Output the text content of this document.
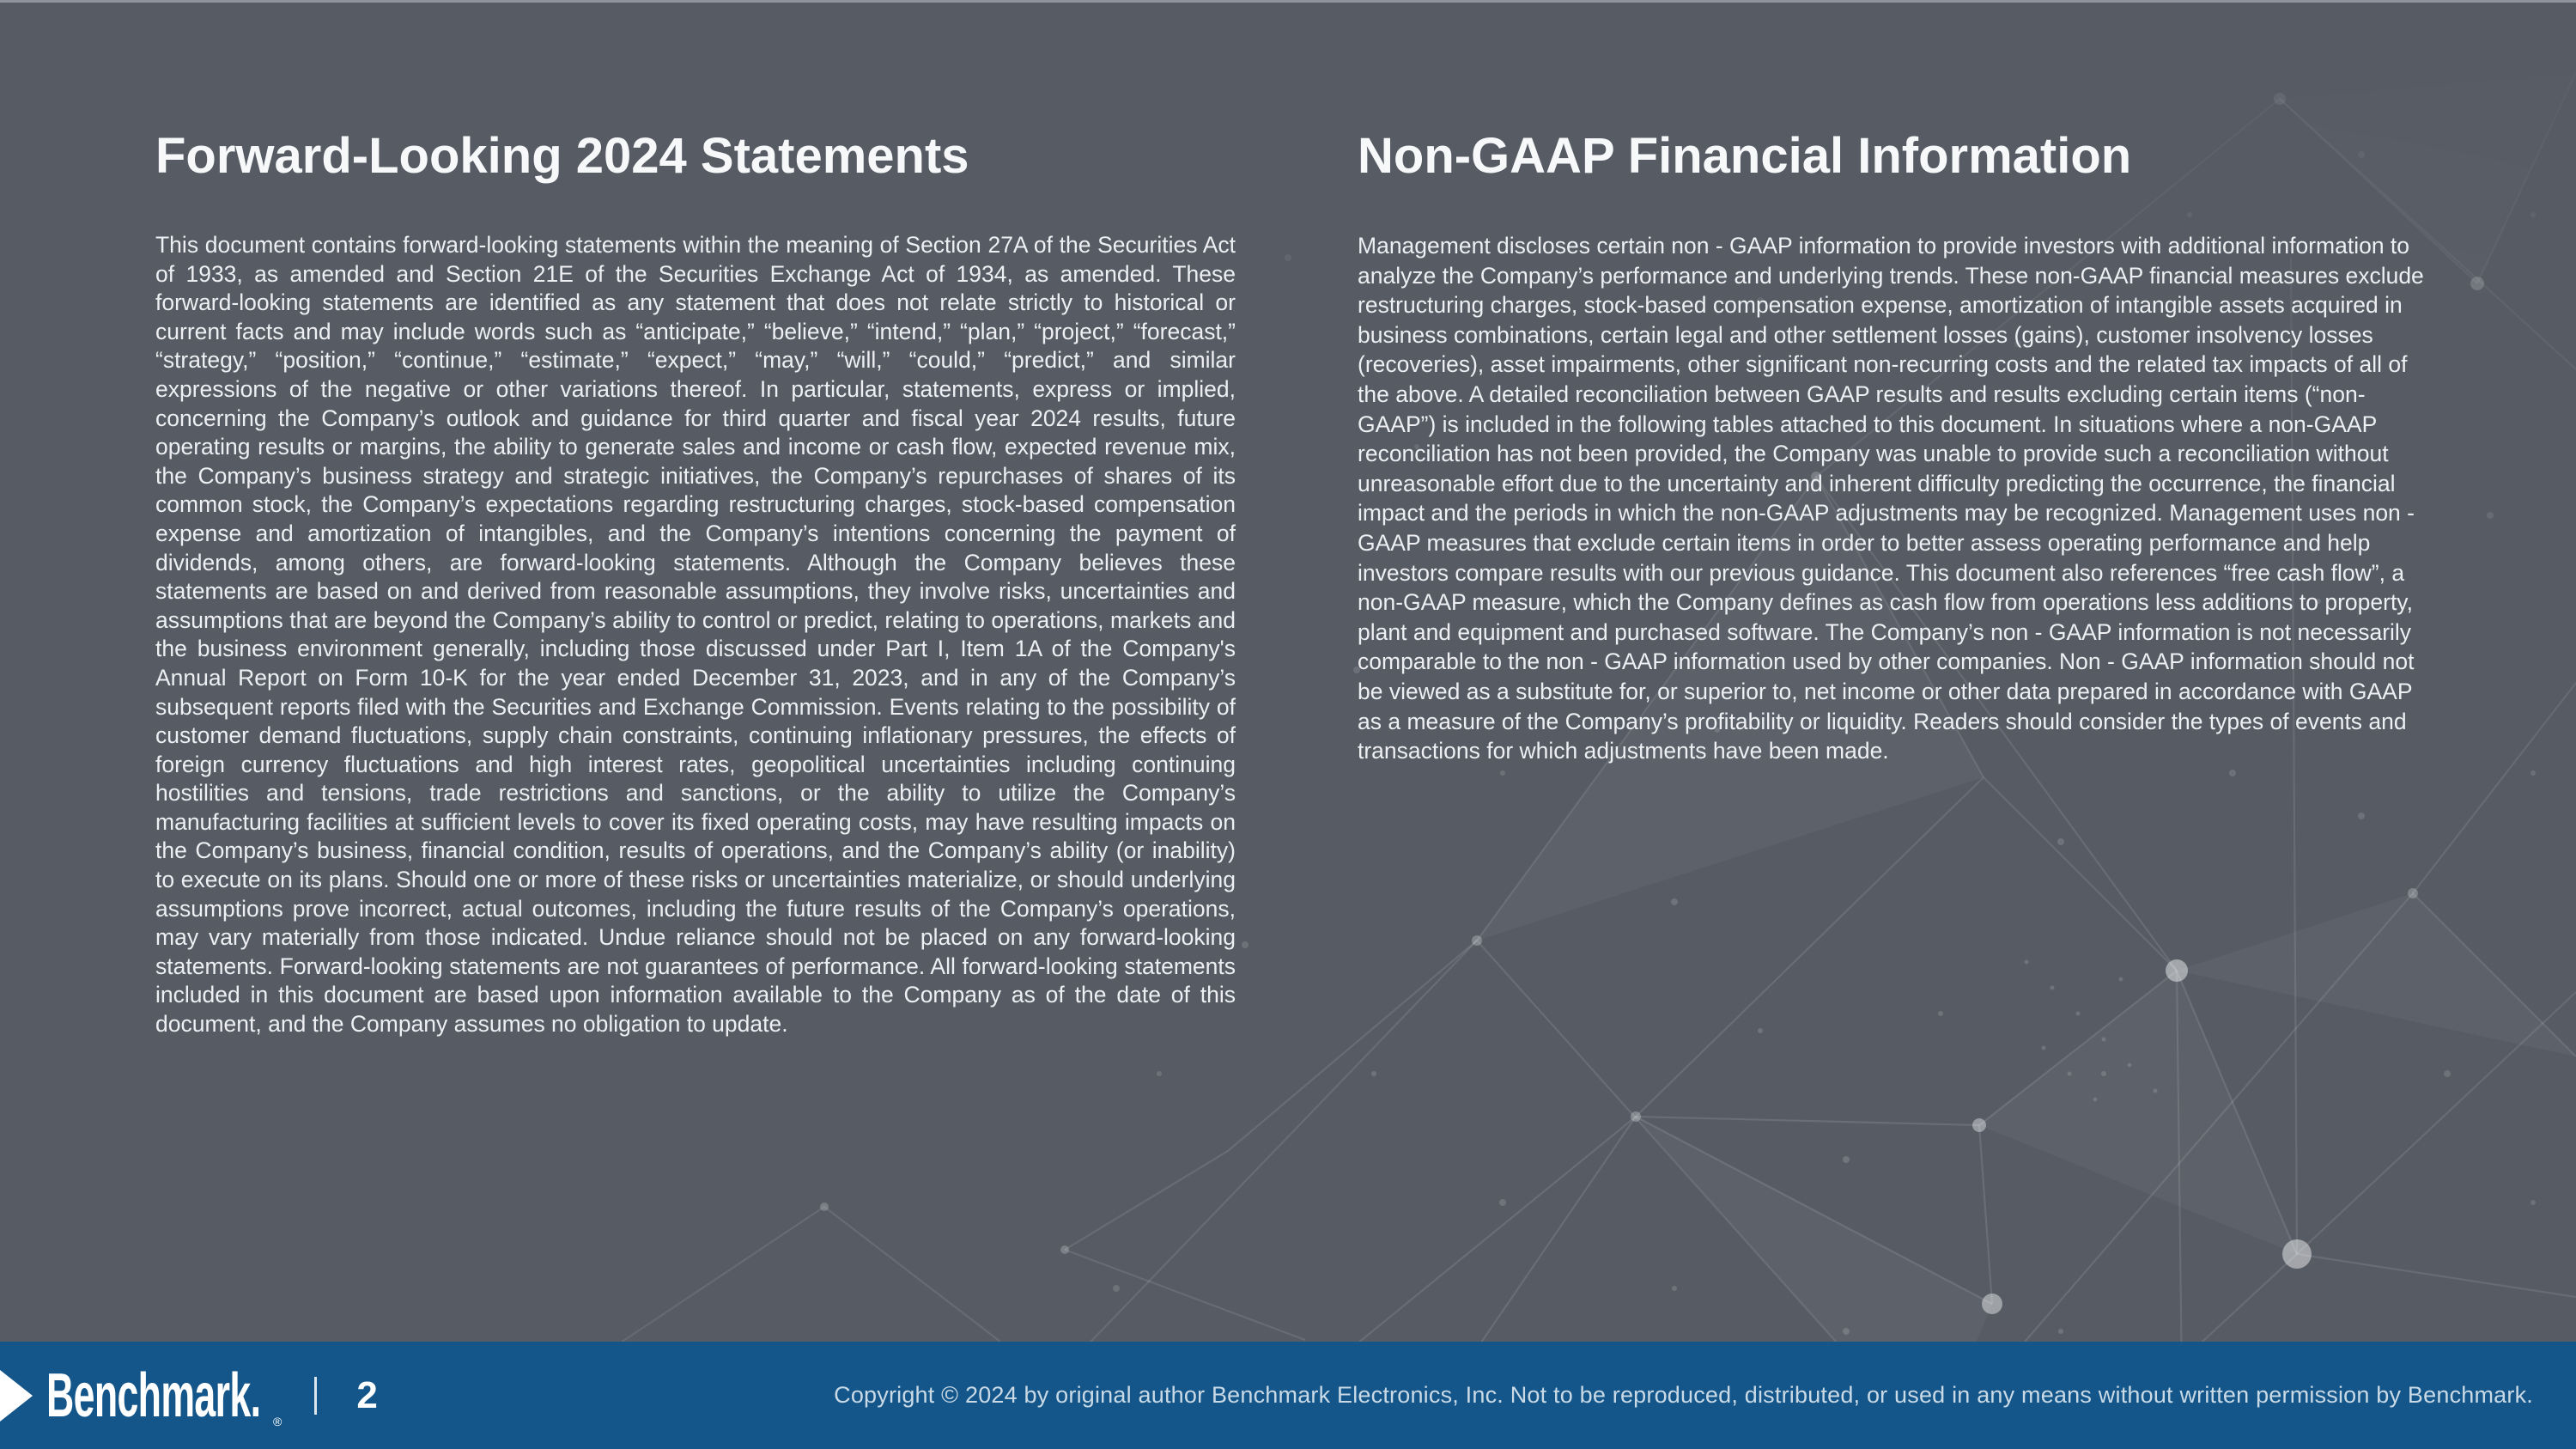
Forward-Looking 2024 Statements

This document contains forward-looking statements within the meaning of Section 27A of the Securities Act of 1933, as amended and Section 21E of the Securities Exchange Act of 1934, as amended. These forward-looking statements are identified as any statement that does not relate strictly to historical or current facts and may include words such as “anticipate,” “believe,” “intend,” “plan,” “project,” “forecast,” “strategy,” “position,” “continue,” “estimate,” “expect,” “may,” “will,” “could,” “predict,” and similar expressions of the negative or other variations thereof. In particular, statements, express or implied, concerning the Company’s outlook and guidance for third quarter and fiscal year 2024 results, future operating results or margins, the ability to generate sales and income or cash flow, expected revenue mix, the Company’s business strategy and strategic initiatives, the Company’s repurchases of shares of its common stock, the Company’s expectations regarding restructuring charges, stock-based compensation expense and amortization of intangibles, and the Company’s intentions concerning the payment of dividends, among others, are forward-looking statements. Although the Company believes these statements are based on and derived from reasonable assumptions, they involve risks, uncertainties and assumptions that are beyond the Company’s ability to control or predict, relating to operations, markets and the business environment generally, including those discussed under Part I, Item 1A of the Company's Annual Report on Form 10-K for the year ended December 31, 2023, and in any of the Company’s subsequent reports filed with the Securities and Exchange Commission. Events relating to the possibility of customer demand fluctuations, supply chain constraints, continuing inflationary pressures, the effects of foreign currency fluctuations and high interest rates, geopolitical uncertainties including continuing hostilities and tensions, trade restrictions and sanctions, or the ability to utilize the Company’s manufacturing facilities at sufficient levels to cover its fixed operating costs, may have resulting impacts on the Company’s business, financial condition, results of operations, and the Company’s ability (or inability) to execute on its plans. Should one or more of these risks or uncertainties materialize, or should underlying assumptions prove incorrect, actual outcomes, including the future results of the Company’s operations, may vary materially from those indicated. Undue reliance should not be placed on any forward-looking statements. Forward-looking statements are not guarantees of performance. All forward-looking statements included in this document are based upon information available to the Company as of the date of this document, and the Company assumes no obligation to update.

Non-GAAP Financial Information

Management discloses certain non - GAAP information to provide investors with additional information to analyze the Company’s performance and underlying trends. These non-GAAP financial measures exclude restructuring charges, stock-based compensation expense, amortization of intangible assets acquired in business combinations, certain legal and other settlement losses (gains), customer insolvency losses (recoveries), asset impairments, other significant non-recurring costs and the related tax impacts of all of the above. A detailed reconciliation between GAAP results and results excluding certain items (“non-GAAP”) is included in the following tables attached to this document. In situations where a non-GAAP reconciliation has not been provided, the Company was unable to provide such a reconciliation without unreasonable effort due to the uncertainty and inherent difficulty predicting the occurrence, the financial impact and the periods in which the non-GAAP adjustments may be recognized. Management uses non - GAAP measures that exclude certain items in order to better assess operating performance and help investors compare results with our previous guidance. This document also references “free cash flow”, a non-GAAP measure, which the Company defines as cash flow from operations less additions to property, plant and equipment and purchased software. The Company’s non - GAAP information is not necessarily comparable to the non - GAAP information used by other companies. Non - GAAP information should not be viewed as a substitute for, or superior to, net income or other data prepared in accordance with GAAP as a measure of the Company’s profitability or liquidity. Readers should consider the types of events and transactions for which adjustments have been made.

Benchmark.	®
2	Copyright © 2024 by original author Benchmark Electronics, Inc. Not to be reproduced, distributed, or used in any means without written permission by Benchmark.
